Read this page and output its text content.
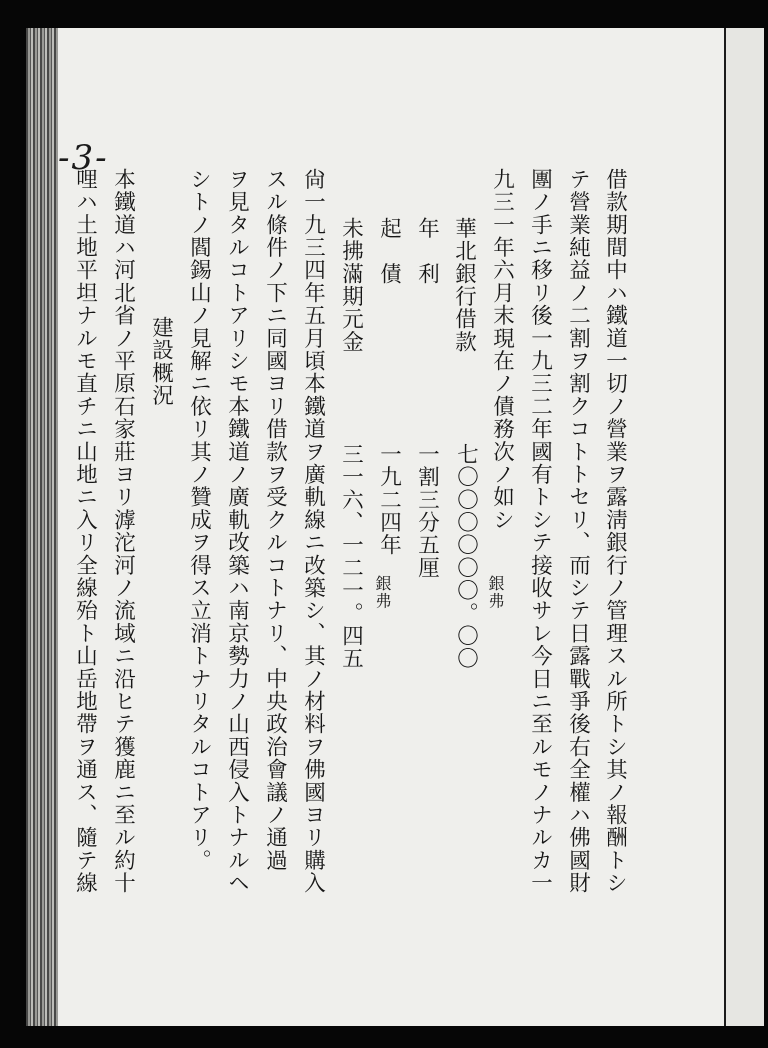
-3-
借款期間中ハ鐵道一切ノ營業ヲ露淸銀行ノ管理スル所トシ其ノ報酬トシ
テ營業純益ノ二割ヲ割クコトトセリ、而シテ日露戰爭後右全權ハ佛國財
團ノ手ニ移リ後一九三二年國有トシテ接收サレ今日ニ至ルモノナルカ一
九三一年六月末現在ノ債務次ノ如シ
華北銀行借款
銀弗
七〇〇〇〇〇〇。〇〇
年　利
一割三分五厘
起　債
一九二四年
未拂滿期元金
銀弗
三一六、一二一。四五
尙一九三四年五月頃本鐵道ヲ廣軌線ニ改築シ、其ノ材料ヲ佛國ヨリ購入
スル條件ノ下ニ同國ヨリ借款ヲ受クルコトナリ、中央政治會議ノ通過
ヲ見タルコトアリシモ本鐵道ノ廣軌改築ハ南京勢力ノ山西侵入トナルヘ
シトノ閻錫山ノ見解ニ依リ其ノ贊成ヲ得ス立消トナリタルコトアリ。
建設概況
本鐵道ハ河北省ノ平原石家莊ヨリ滹沱河ノ流域ニ沿ヒテ獲鹿ニ至ル約十
哩ハ土地平坦ナルモ直チニ山地ニ入リ全線殆ト山岳地帶ヲ通ス、隨テ線
